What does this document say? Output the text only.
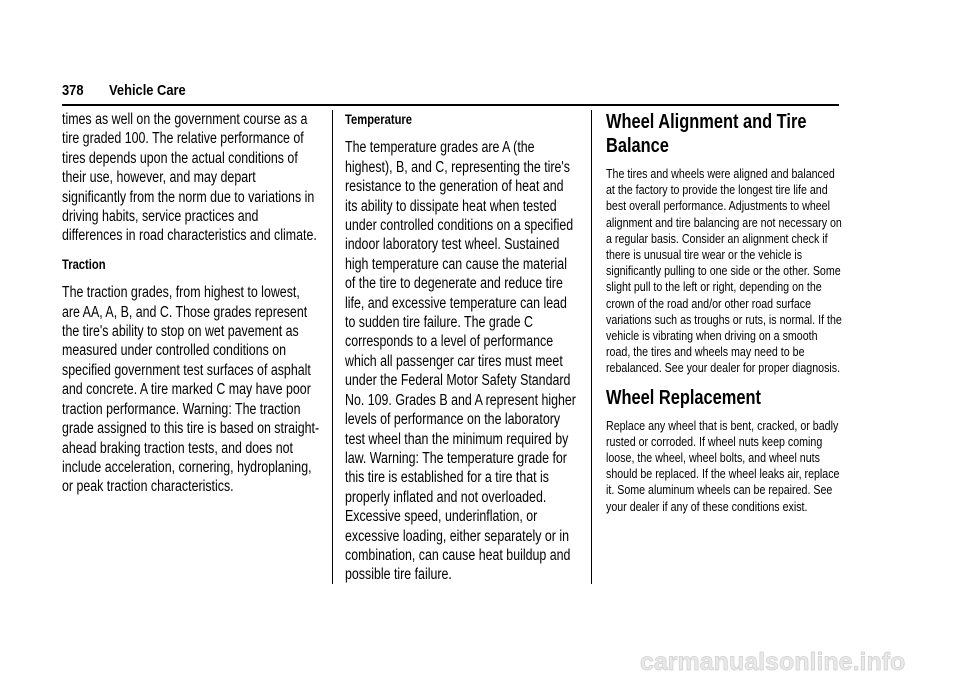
378 Vehicle Care

times as well on the government course as a tire graded 100. The relative performance of tires depends upon the actual conditions of their use, however, and may depart significantly from the norm due to variations in driving habits, service practices and differences in road characteristics and climate.

Traction

The traction grades, from highest to lowest, are AA, A, B, and C. Those grades represent the tire's ability to stop on wet pavement as measured under controlled conditions on specified government test surfaces of asphalt and concrete. A tire marked C may have poor traction performance. Warning: The traction grade assigned to this tire is based on straight-ahead braking traction tests, and does not include acceleration, cornering, hydroplaning, or peak traction characteristics.

Temperature

The temperature grades are A (the highest), B, and C, representing the tire's resistance to the generation of heat and its ability to dissipate heat when tested under controlled conditions on a specified indoor laboratory test wheel. Sustained high temperature can cause the material of the tire to degenerate and reduce tire life, and excessive temperature can lead to sudden tire failure. The grade C corresponds to a level of performance which all passenger car tires must meet under the Federal Motor Safety Standard No. 109. Grades B and A represent higher levels of performance on the laboratory test wheel than the minimum required by law. Warning: The temperature grade for this tire is established for a tire that is properly inflated and not overloaded. Excessive speed, underinflation, or excessive loading, either separately or in combination, can cause heat buildup and possible tire failure.

Wheel Alignment and Tire Balance

The tires and wheels were aligned and balanced at the factory to provide the longest tire life and best overall performance. Adjustments to wheel alignment and tire balancing are not necessary on a regular basis. Consider an alignment check if there is unusual tire wear or the vehicle is significantly pulling to one side or the other. Some slight pull to the left or right, depending on the crown of the road and/or other road surface variations such as troughs or ruts, is normal. If the vehicle is vibrating when driving on a smooth road, the tires and wheels may need to be rebalanced. See your dealer for proper diagnosis.

Wheel Replacement

Replace any wheel that is bent, cracked, or badly rusted or corroded. If wheel nuts keep coming loose, the wheel, wheel bolts, and wheel nuts should be replaced. If the wheel leaks air, replace it. Some aluminum wheels can be repaired. See your dealer if any of these conditions exist.

carmanualsonline.info
